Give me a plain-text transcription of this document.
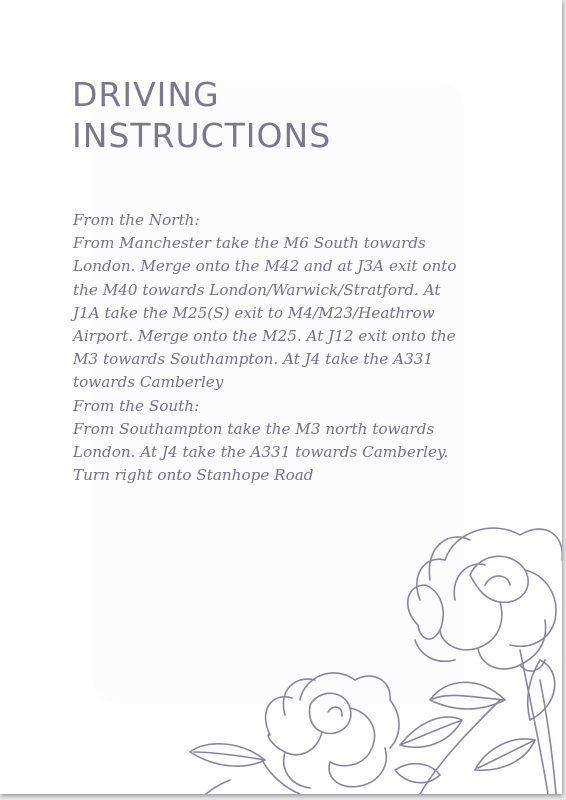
DRIVING
INSTRUCTIONS

From the North:

From Manchester take the M6 South towards

London. Merge onto the M42 and at J3A exit onto

the M40 towards London/Warwick/Stratford. At

J1A take the M25(S) exit to M4/M23/Heathrow

Airport. Merge onto the M25. At J12 exit onto the

M3 towards Southampton. At J4 take the A331

towards Camberley

From the South:

From Southampton take the M3 north towards

London. At J4 take the A331 towards Camberley.

Turn right onto Stanhope Road
